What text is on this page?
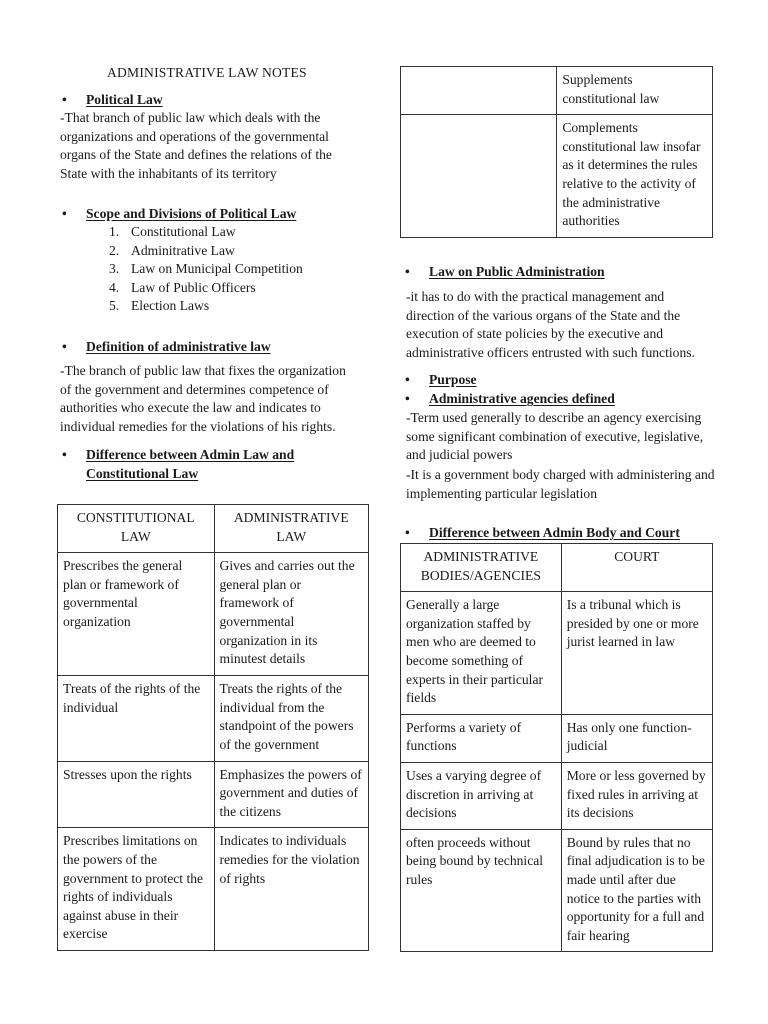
ADMINISTRATIVE LAW NOTES
•	Political Law
-That branch of public law which deals with the organizations and operations of the governmental organs of the State and defines the relations of the State with the inhabitants of its territory
•	Scope and Divisions of Political Law
1. Constitutional Law
2. Adminitrative Law
3. Law on Municipal Competition
4. Law of Public Officers
5. Election Laws
•	Definition of administrative law
-The branch of public law that fixes the organization of the government and determines competence of authorities who execute the law and indicates to individual remedies for the violations of his rights.
•	Difference between Admin Law and Constitutional Law
CONSTITUTIONAL LAW	ADMINISTRATIVE LAW
Prescribes the general plan or framework of governmental organization	Gives and carries out the general plan or framework of governmental organization in its minutest details
Treats of the rights of the individual	Treats the rights of the individual from the standpoint of the powers of the government
Stresses upon the rights	Emphasizes the powers of government and duties of the citizens
Prescribes limitations on the powers of the government to protect the rights of individuals against abuse in their exercise	Indicates to individuals remedies for the violation of rights
	Supplements constitutional law
	Complements constitutional law insofar as it determines the rules relative to the activity of the administrative authorities
•	Law on Public Administration
-it has to do with the practical management and direction of the various organs of the State and the execution of state policies by the executive and administrative officers entrusted with such functions.
•	Purpose
•	Administrative agencies defined
-Term used generally to describe an agency exercising some significant combination of executive, legislative, and judicial powers
-It is a government body charged with administering and implementing particular legislation
•	Difference between Admin Body and Court
ADMINISTRATIVE BODIES/AGENCIES	COURT
Generally a large organization staffed by men who are deemed to become something of experts in their particular fields	Is a tribunal which is presided by one or more jurist learned in law
Performs a variety of functions	Has only one function-judicial
Uses a varying degree of discretion in arriving at decisions	More or less governed by fixed rules in arriving at its decisions
often proceeds without being bound by technical rules	Bound by rules that no final adjudication is to be made until after due notice to the parties with opportunity for a full and fair hearing
